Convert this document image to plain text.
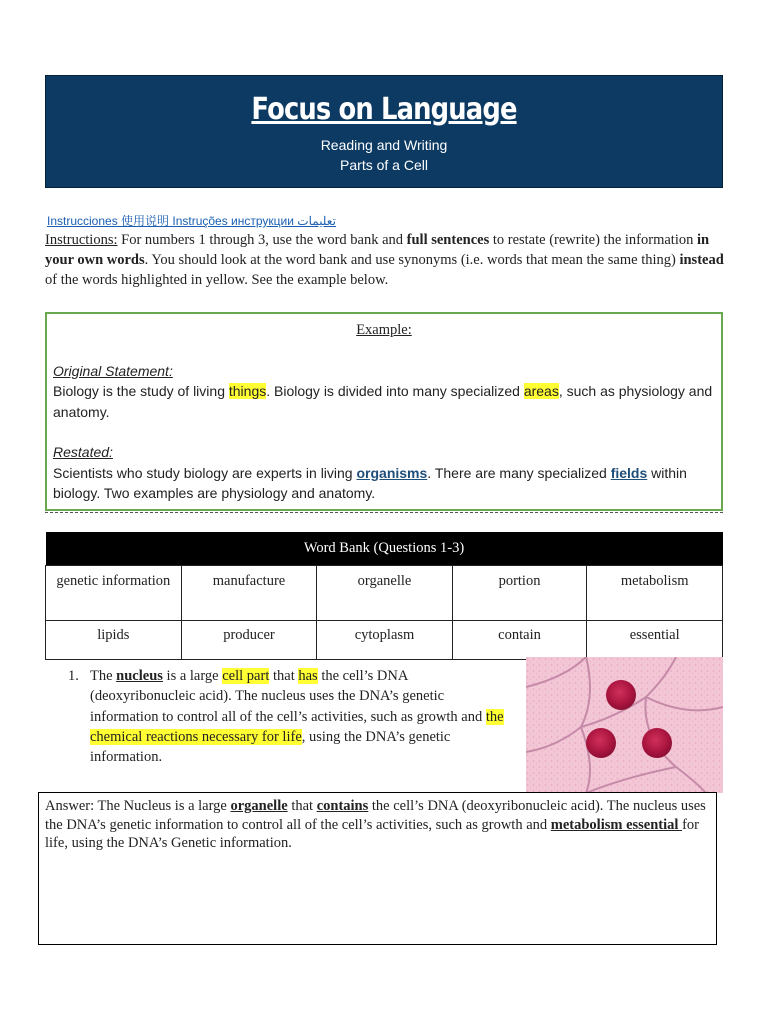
Focus on Language
Reading and Writing
Parts of a Cell
Instrucciones 使用说明 Instruções инструкции تعليمات
Instructions: For numbers 1 through 3, use the word bank and full sentences to restate (rewrite) the information in your own words. You should look at the word bank and use synonyms (i.e. words that mean the same thing) instead of the words highlighted in yellow. See the example below.
Example:
Original Statement:
Biology is the study of living things. Biology is divided into many specialized areas, such as physiology and anatomy.
Restated:
Scientists who study biology are experts in living organisms. There are many specialized fields within biology. Two examples are physiology and anatomy.
Word Bank (Questions 1-3)				
genetic information	manufacture	organelle	portion	metabolism
lipids	producer	cytoplasm	contain	essential
1. The nucleus is a large cell part that has the cell’s DNA (deoxyribonucleic acid). The nucleus uses the DNA’s genetic information to control all of the cell’s activities, such as growth and the chemical reactions necessary for life, using the DNA’s genetic information.
Answer: The Nucleus is a large organelle that contains the cell’s DNA (deoxyribonucleic acid). The nucleus uses the DNA’s genetic information to control all of the cell’s activities, such as growth and metabolism essential for life, using the DNA’s Genetic information.
